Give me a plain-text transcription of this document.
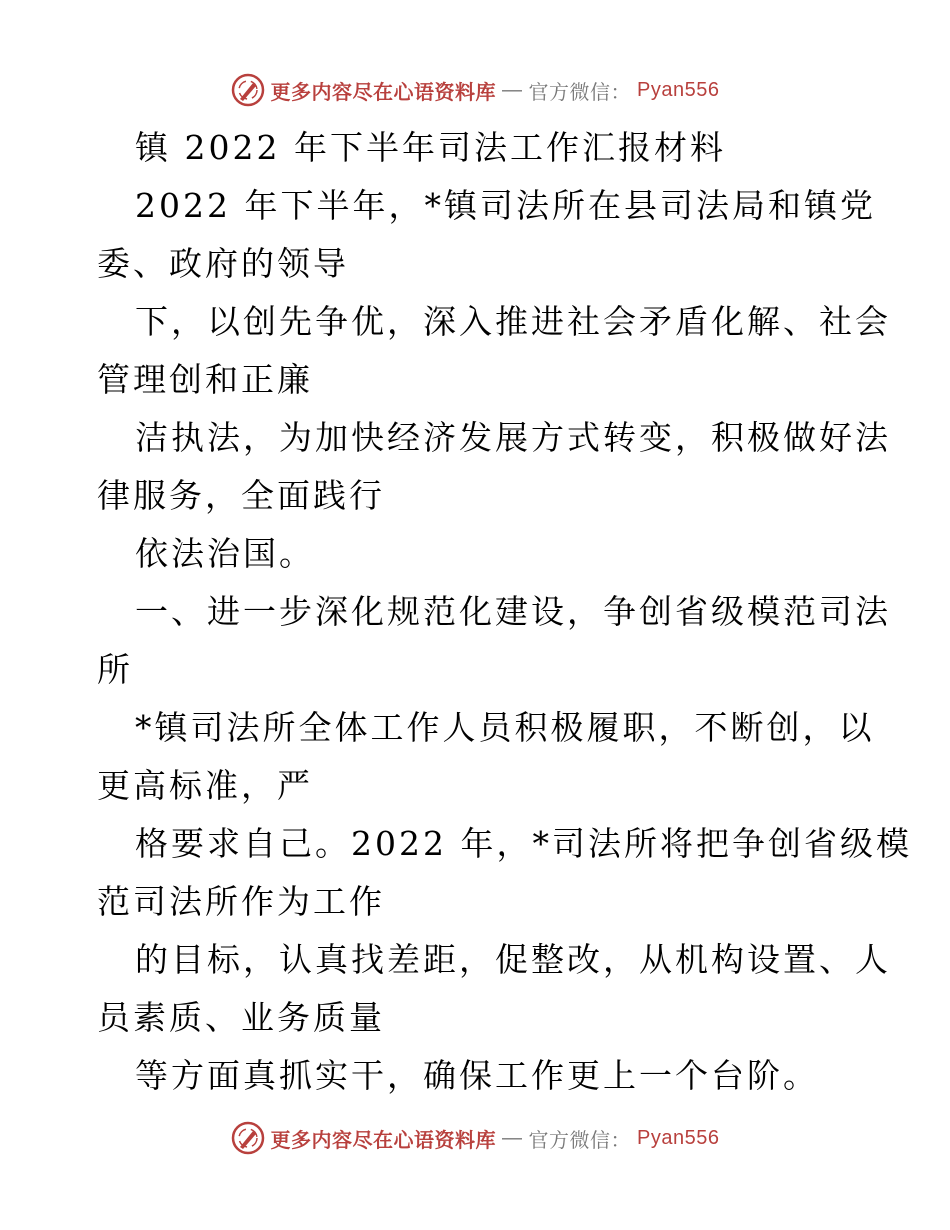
更多内容尽在心语资料库 — 官方微信： Pyan556
镇 2022 年下半年司法工作汇报材料
2022 年下半年，*镇司法所在县司法局和镇党
委、政府的领导
下，以创先争优，深入推进社会矛盾化解、社会
管理创和正廉
洁执法，为加快经济发展方式转变，积极做好法
律服务，全面践行
依法治国。
一、进一步深化规范化建设，争创省级模范司法
所
*镇司法所全体工作人员积极履职，不断创，以
更高标准，严
格要求自己。2022 年，*司法所将把争创省级模
范司法所作为工作
的目标，认真找差距，促整改，从机构设置、人
员素质、业务质量
等方面真抓实干，确保工作更上一个台阶。
更多内容尽在心语资料库 — 官方微信： Pyan556
